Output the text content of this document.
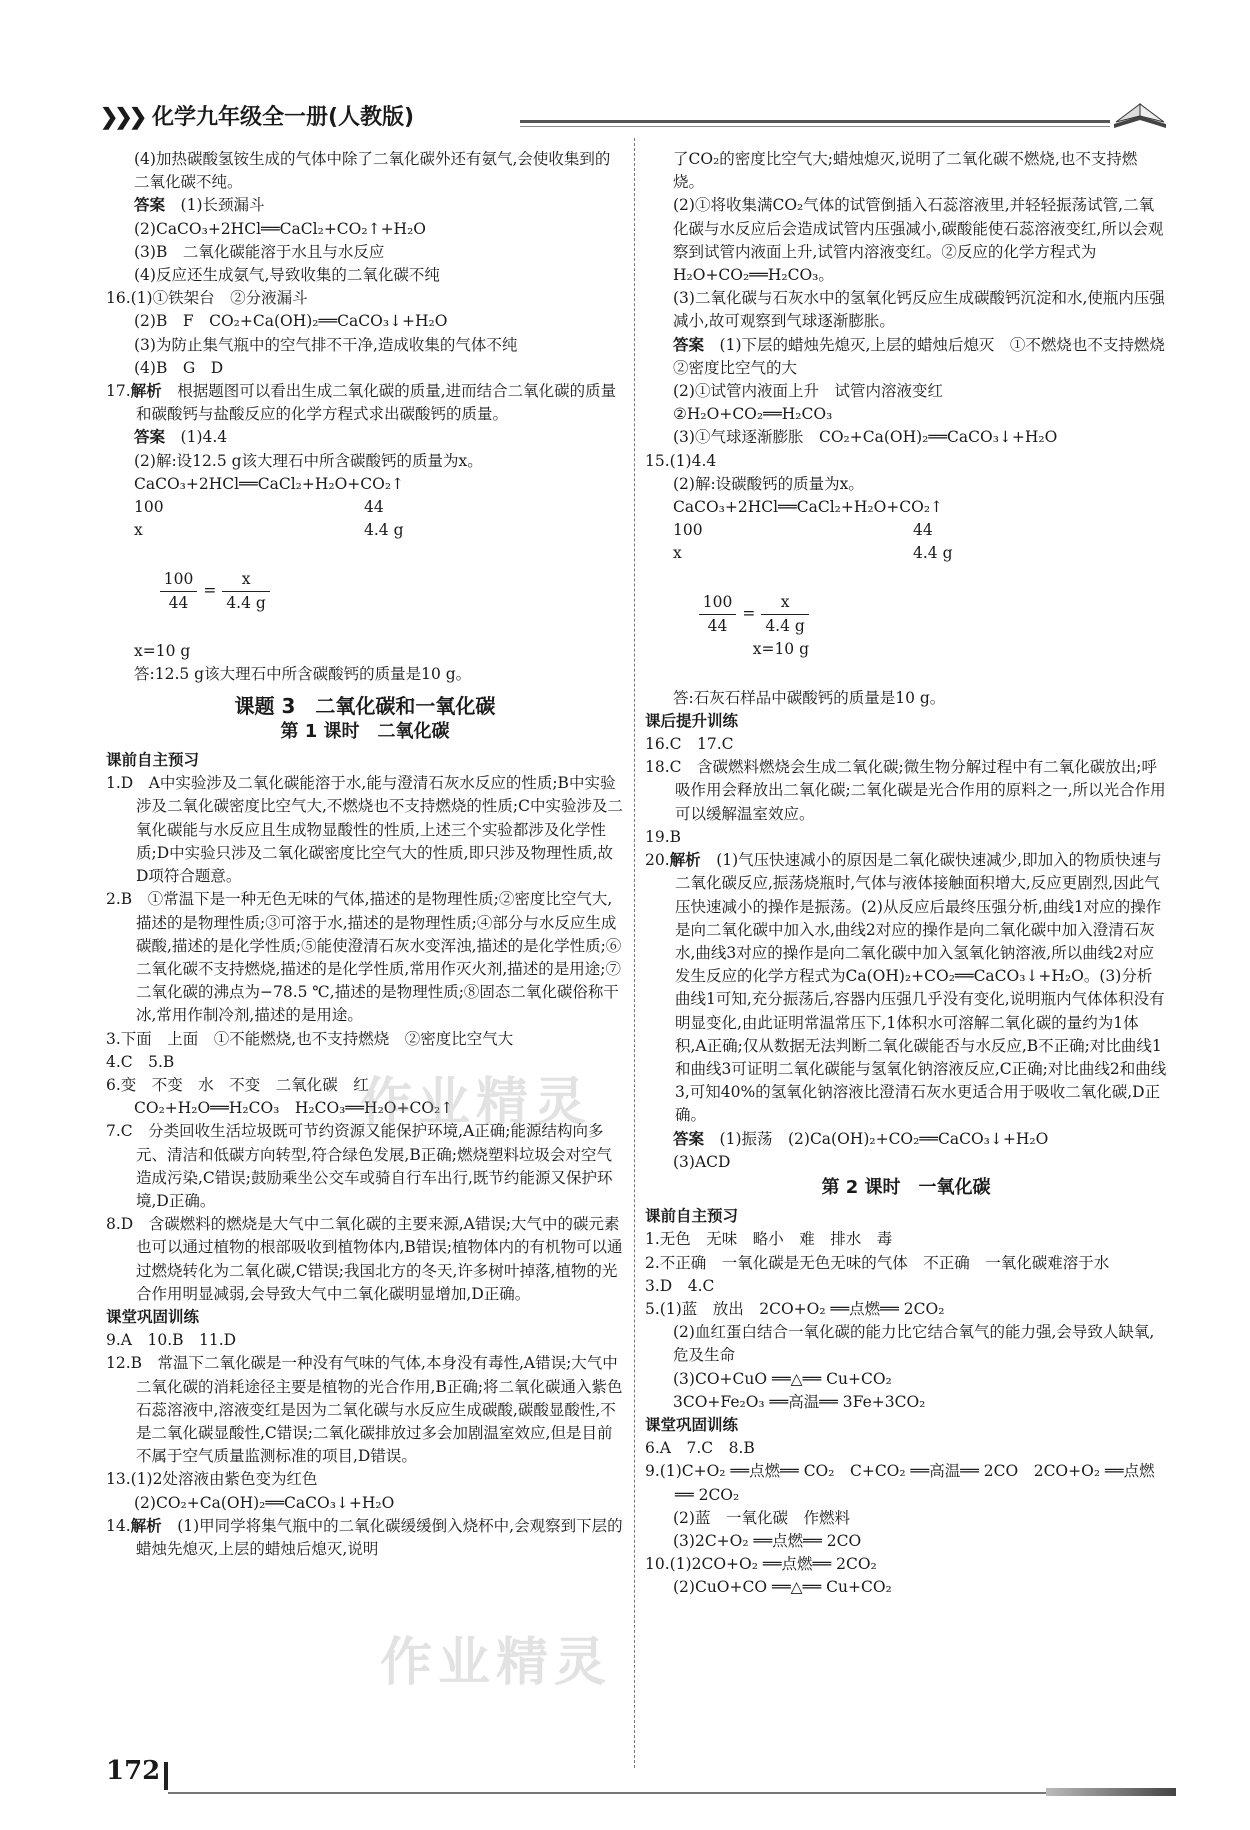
❯❯❯ 化学九年级全一册(人教版)

(4)加热碳酸氢铵生成的气体中除了二氧化碳外还有氨气,会使收集到的二氧化碳不纯。

答案　 (1)长颈漏斗

(2)CaCO₃+2HCl══CaCl₂+CO₂↑+H₂O

(3)B　二氧化碳能溶于水且与水反应

(4)反应还生成氨气,导致收集的二氧化碳不纯

16.(1)①铁架台　②分液漏斗

(2)B　F　CO₂+Ca(OH)₂══CaCO₃↓+H₂O

(3)为防止集气瓶中的空气排不干净,造成收集的气体不纯

(4)B　G　D

17.解析　 根据题图可以看出生成二氧化碳的质量,进而结合二氧化碳的质量和碳酸钙与盐酸反应的化学方程式求出碳酸钙的质量。

答案　 (1)4.4

(2)解:设12.5 g该大理石中所含碳酸钙的质量为x。

CaCO₃+2HCl══CaCl₂+H₂O+CO₂↑

100	44

x	4.4 g

$\frac{100}{44} = \frac{x}{4.4 g}$

x=10 g

答:12.5 g该大理石中所含碳酸钙的质量是10 g。

课题 3　二氧化碳和一氧化碳
第 1 课时　二氧化碳
课前自主预习

1.D　A中实验涉及二氧化碳能溶于水,能与澄清石灰水反应的性质;B中实验涉及二氧化碳密度比空气大,不燃烧也不支持燃烧的性质;C中实验涉及二氧化碳能与水反应且生成物显酸性的性质,上述三个实验都涉及化学性质;D中实验只涉及二氧化碳密度比空气大的性质,即只涉及物理性质,故D项符合题意。

2.B　①常温下是一种无色无味的气体,描述的是物理性质;②密度比空气大,描述的是物理性质;③可溶于水,描述的是物理性质;④部分与水反应生成碳酸,描述的是化学性质;⑤能使澄清石灰水变浑浊,描述的是化学性质;⑥二氧化碳不支持燃烧,描述的是化学性质,常用作灭火剂,描述的是用途;⑦二氧化碳的沸点为−78.5 ℃,描述的是物理性质;⑧固态二氧化碳俗称干冰,常用作制冷剂,描述的是用途。

3.下面　上面　①不能燃烧,也不支持燃烧　②密度比空气大

4.C　5.B

6.变　不变　水　不变　二氧化碳　红

CO₂+H₂O══H₂CO₃　H₂CO₃══H₂O+CO₂↑

7.C　分类回收生活垃圾既可节约资源又能保护环境,A正确;能源结构向多元、清洁和低碳方向转型,符合绿色发展,B正确;燃烧塑料垃圾会对空气造成污染,C错误;鼓励乘坐公交车或骑自行车出行,既节约能源又保护环境,D正确。

8.D　含碳燃料的燃烧是大气中二氧化碳的主要来源,A错误;大气中的碳元素也可以通过植物的根部吸收到植物体内,B错误;植物体内的有机物可以通过燃烧转化为二氧化碳,C错误;我国北方的冬天,许多树叶掉落,植物的光合作用明显减弱,会导致大气中二氧化碳明显增加,D正确。

课堂巩固训练

9.A　10.B　11.D

12.B　常温下二氧化碳是一种没有气味的气体,本身没有毒性,A错误;大气中二氧化碳的消耗途径主要是植物的光合作用,B正确;将二氧化碳通入紫色石蕊溶液中,溶液变红是因为二氧化碳与水反应生成碳酸,碳酸显酸性,不是二氧化碳显酸性,C错误;二氧化碳排放过多会加剧温室效应,但是目前不属于空气质量监测标准的项目,D错误。

13.(1)2处溶液由紫色变为红色

(2)CO₂+Ca(OH)₂══CaCO₃↓+H₂O

14.解析　 (1)甲同学将集气瓶中的二氧化碳缓缓倒入烧杯中,会观察到下层的蜡烛先熄灭,上层的蜡烛后熄灭,说明

了CO₂的密度比空气大;蜡烛熄灭,说明了二氧化碳不燃烧,也不支持燃烧。

(2)①将收集满CO₂气体的试管倒插入石蕊溶液里,并轻轻振荡试管,二氧化碳与水反应后会造成试管内压强减小,碳酸能使石蕊溶液变红,所以会观察到试管内液面上升,试管内溶液变红。②反应的化学方程式为H₂O+CO₂══H₂CO₃。

(3)二氧化碳与石灰水中的氢氧化钙反应生成碳酸钙沉淀和水,使瓶内压强减小,故可观察到气球逐渐膨胀。

答案　 (1)下层的蜡烛先熄灭,上层的蜡烛后熄灭　①不燃烧也不支持燃烧　②密度比空气的大

(2)①试管内液面上升　试管内溶液变红

②H₂O+CO₂══H₂CO₃

(3)①气球逐渐膨胀　CO₂+Ca(OH)₂══CaCO₃↓+H₂O

15.(1)4.4

(2)解:设碳酸钙的质量为x。

CaCO₃+2HCl══CaCl₂+H₂O+CO₂↑

100	44

x	4.4 g

$\frac{100}{44} = \frac{x}{4.4 g}$

x=10 g

答:石灰石样品中碳酸钙的质量是10 g。

课后提升训练

16.C　17.C

18.C　含碳燃料燃烧会生成二氧化碳;微生物分解过程中有二氧化碳放出;呼吸作用会释放出二氧化碳;二氧化碳是光合作用的原料之一,所以光合作用可以缓解温室效应。

19.B

20.解析　 (1)气压快速减小的原因是二氧化碳快速减少,即加入的物质快速与二氧化碳反应,振荡烧瓶时,气体与液体接触面积增大,反应更剧烈,因此气压快速减小的操作是振荡。(2)从反应后最终压强分析,曲线1对应的操作是向二氧化碳中加入水,曲线2对应的操作是向二氧化碳中加入澄清石灰水,曲线3对应的操作是向二氧化碳中加入氢氧化钠溶液,所以曲线2对应发生反应的化学方程式为Ca(OH)₂+CO₂══CaCO₃↓+H₂O。(3)分析曲线1可知,充分振荡后,容器内压强几乎没有变化,说明瓶内气体体积没有明显变化,由此证明常温常压下,1体积水可溶解二氧化碳的量约为1体积,A正确;仅从数据无法判断二氧化碳能否与水反应,B不正确;对比曲线1和曲线3可证明二氧化碳能与氢氧化钠溶液反应,C正确;对比曲线2和曲线3,可知40%的氢氧化钠溶液比澄清石灰水更适合用于吸收二氧化碳,D正确。

答案　 (1)振荡　(2)Ca(OH)₂+CO₂══CaCO₃↓+H₂O

(3)ACD

第 2 课时　一氧化碳
课前自主预习

1.无色　无味　略小　难　排水　毒

2.不正确　一氧化碳是无色无味的气体　不正确　一氧化碳难溶于水

3.D　4.C

5.(1)蓝　放出　2CO+O₂ ══点燃══ 2CO₂

(2)血红蛋白结合一氧化碳的能力比它结合氧气的能力强,会导致人缺氧,危及生命

(3)CO+CuO ══△══ Cu+CO₂

3CO+Fe₂O₃ ══高温══ 3Fe+3CO₂

课堂巩固训练

6.A　7.C　8.B

9.(1)C+O₂ ══点燃══ CO₂　C+CO₂ ══高温══ 2CO　2CO+O₂ ══点燃══ 2CO₂

(2)蓝　一氧化碳　作燃料

(3)2C+O₂ ══点燃══ 2CO

10.(1)2CO+O₂ ══点燃══ 2CO₂

(2)CuO+CO ══△══ Cu+CO₂

作业精灵
作业精灵
172
